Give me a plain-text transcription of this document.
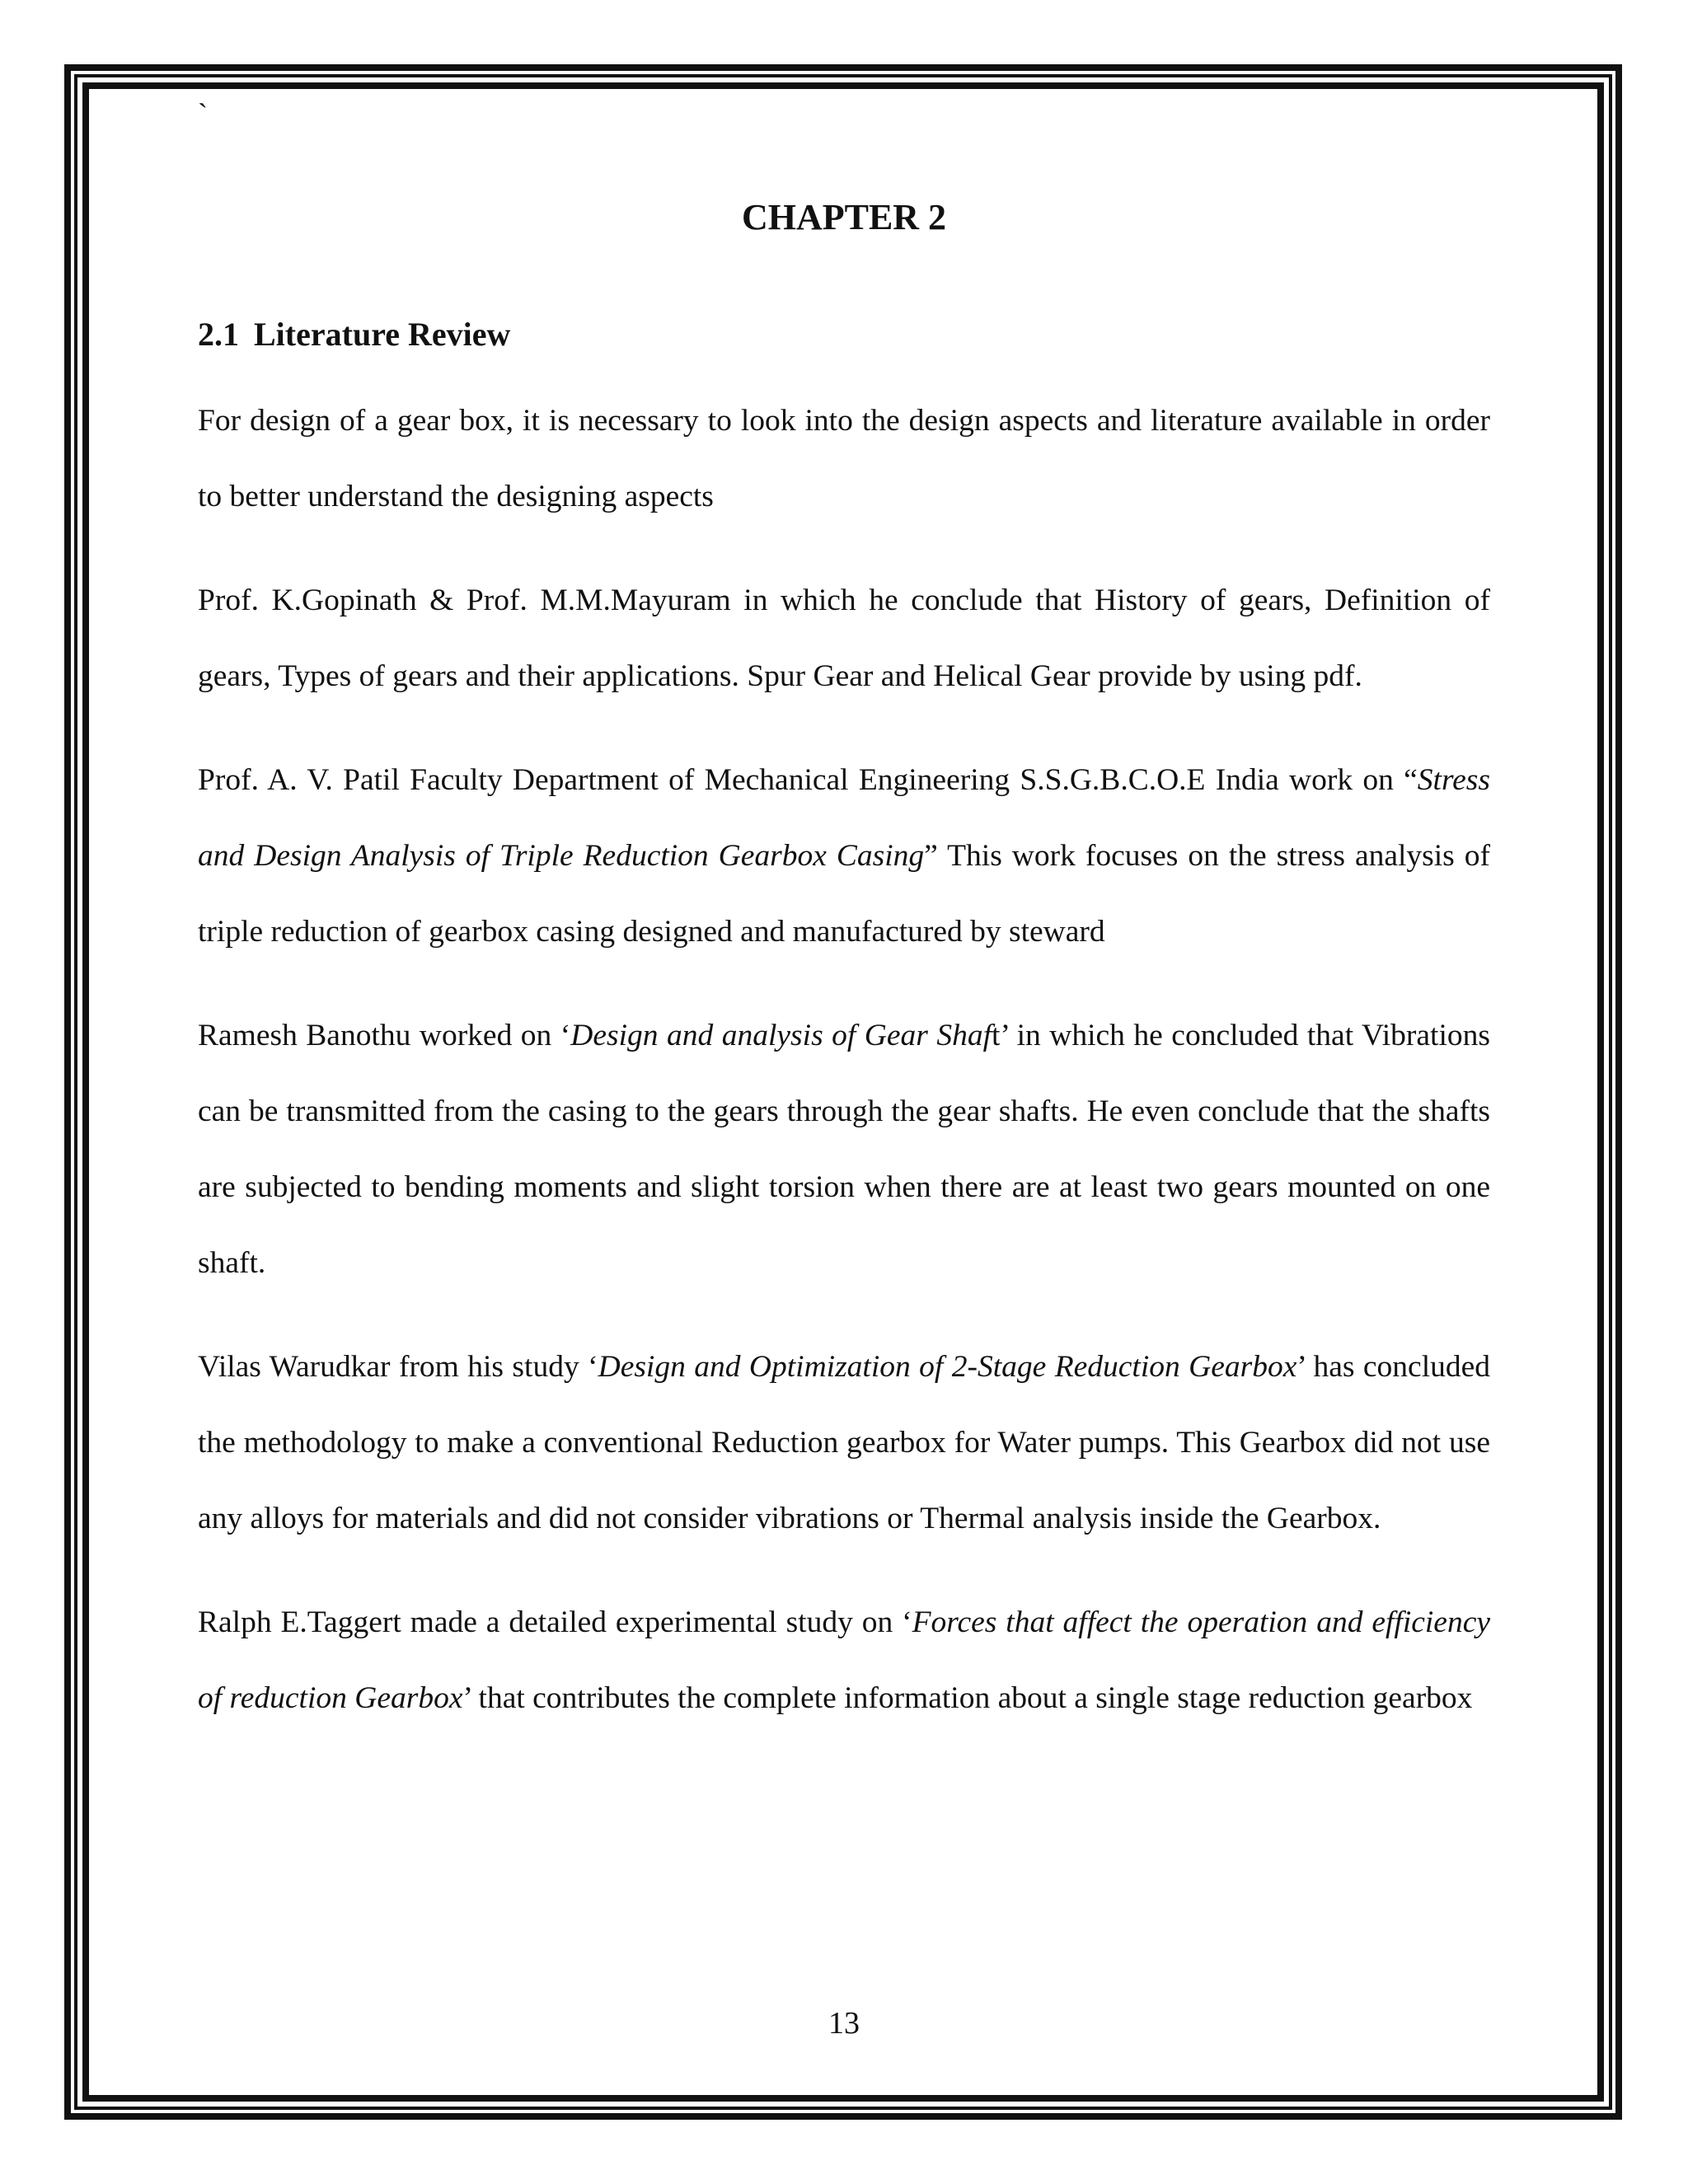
`
CHAPTER 2
2.1 Literature Review

For design of a gear box, it is necessary to look into the design aspects and literature available in order to better understand the designing aspects

Prof. K.Gopinath & Prof. M.M.Mayuram in which he conclude that History of gears, Definition of gears, Types of gears and their applications. Spur Gear and Helical Gear provide by using pdf.

Prof. A. V. Patil Faculty Department of Mechanical Engineering S.S.G.B.C.O.E India work on “Stress and Design Analysis of Triple Reduction Gearbox Casing” This work focuses on the stress analysis of triple reduction of gearbox casing designed and manufactured by steward

Ramesh Banothu worked on ‘Design and analysis of Gear Shaft’ in which he concluded that Vibrations can be transmitted from the casing to the gears through the gear shafts. He even conclude that the shafts are subjected to bending moments and slight torsion when there are at least two gears mounted on one shaft.

Vilas Warudkar from his study ‘Design and Optimization of 2-Stage Reduction Gearbox’ has concluded the methodology to make a conventional Reduction gearbox for Water pumps. This Gearbox did not use any alloys for materials and did not consider vibrations or Thermal analysis inside the Gearbox.

Ralph E.Taggert made a detailed experimental study on ‘Forces that affect the operation and efficiency of reduction Gearbox’ that contributes the complete information about a single stage reduction gearbox

13
